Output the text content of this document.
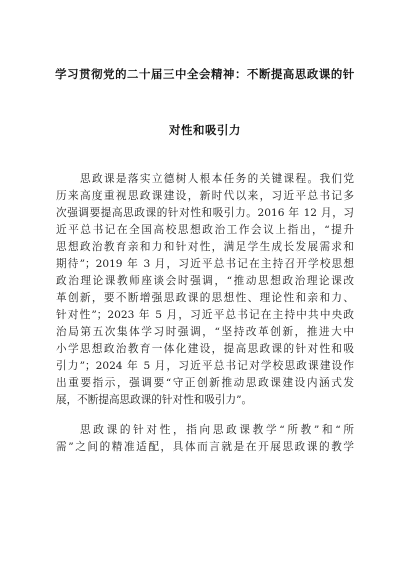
学习贯彻党的二十届三中全会精神：不断提高思政课的针
对性和吸引力
思政课是落实立德树人根本任务的关键课程。我们党
历来高度重视思政课建设，新时代以来，习近平总书记多
次强调要提高思政课的针对性和吸引力。2016 年 12 月，习
近平总书记在全国高校思想政治工作会议上指出，“提升
思想政治教育亲和力和针对性，满足学生成长发展需求和
期待”；2019 年 3 月，习近平总书记在主持召开学校思想
政治理论课教师座谈会时强调，“推动思想政治理论课改
革创新，要不断增强思政课的思想性、理论性和亲和力、
针对性”；2023 年 5 月，习近平总书记在主持中共中央政
治局第五次集体学习时强调，“坚持改革创新，推进大中
小学思想政治教育一体化建设，提高思政课的针对性和吸
引力”；2024 年 5 月，习近平总书记对学校思政课建设作
出重要指示，强调要“守正创新推动思政课建设内涵式发
展，不断提高思政课的针对性和吸引力”。
思政课的针对性，指向思政课教学“所教”和“所
需”之间的精准适配，具体而言就是在开展思政课的教学
